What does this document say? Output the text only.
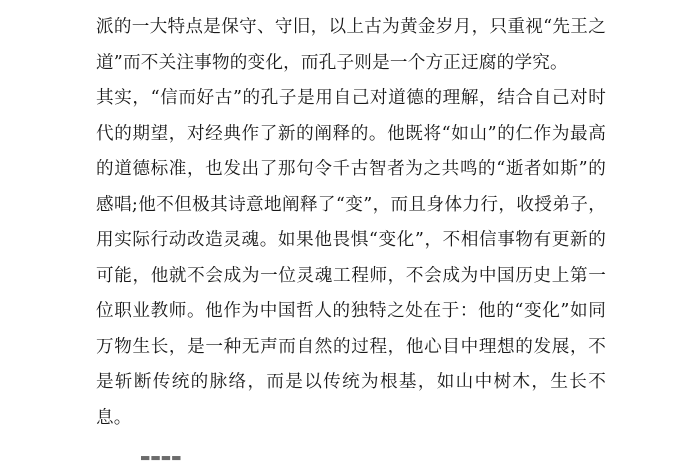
派的一大特点是保守、守旧，以上古为黄金岁月，只重视“先王之道”而不关注事物的变化，而孔子则是一个方正迂腐的学究。

其实，“信而好古”的孔子是用自己对道德的理解，结合自己对时代的期望，对经典作了新的阐释的。他既将“如山”的仁作为最高的道德标准，也发出了那句令千古智者为之共鸣的“逝者如斯”的感唱;他不但极其诗意地阐释了“变”，而且身体力行，收授弟子，用实际行动改造灵魂。如果他畏惧“变化”，不相信事物有更新的可能，他就不会成为一位灵魂工程师，不会成为中国历史上第一位职业教师。他作为中国哲人的独特之处在于：他的“变化”如同万物生长，是一种无声而自然的过程，他心目中理想的发展，不是斩断传统的脉络，而是以传统为根基，如山中树木，生长不息。

▬▬▬▬
